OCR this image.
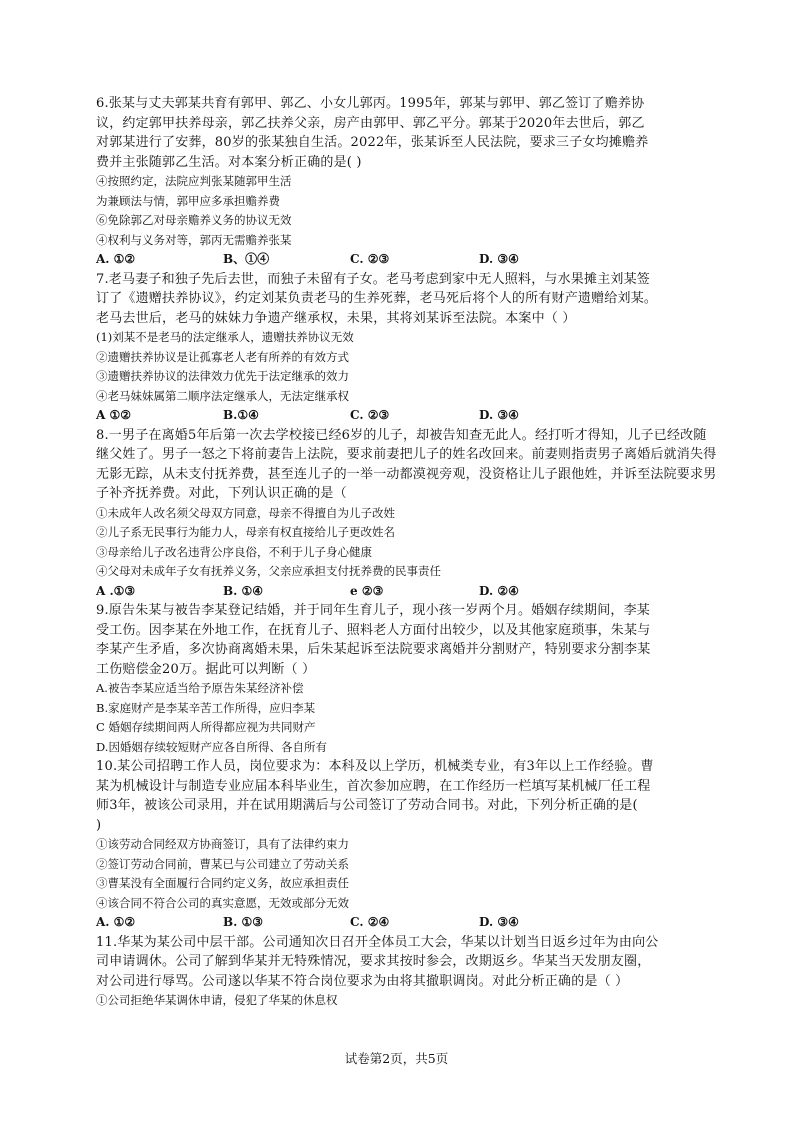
6.张某与丈夫郭某共育有郭甲、郭乙、小女儿郭丙。1995年，郭某与郭甲、郭乙签订了赡养协
议，约定郭甲扶养母亲，郭乙扶养父亲，房产由郭甲、郭乙平分。郭某于2020年去世后，郭乙
对郭某进行了安葬，80岁的张某独自生活。2022年，张某诉至人民法院，要求三子女均摊赡养
费并主张随郭乙生活。对本案分析正确的是( )
④按照约定，法院应判张某随郭甲生活
为兼顾法与情，郭甲应多承担赡养费
⑥免除郭乙对母亲赡养义务的协议无效
④权利与义务对等，郭丙无需赡养张某
A. ①②	B、①④	C. ②③	D. ③④
7.老马妻子和独子先后去世，而独子未留有子女。老马考虑到家中无人照料，与水果摊主刘某签
订了《遗赠扶养协议》，约定刘某负责老马的生养死葬，老马死后将个人的所有财产遗赠给刘某。
老马去世后，老马的妹妹力争遗产继承权，未果，其将刘某诉至法院。本案中（ ）
(1)刘某不是老马的法定继承人，遗赠扶养协议无效
②遗赠扶养协议是让孤寡老人老有所养的有效方式
③遗赠扶养协议的法律效力优先于法定继承的效力
④老马妹妹属第二顺序法定继承人，无法定继承权
A ①②	B.①④	C. ②③	D. ③④
8.一男子在离婚5年后第一次去学校接已经6岁的儿子，却被告知查无此人。经打听才得知，儿子已经改随
继父姓了。男子一怒之下将前妻告上法院，要求前妻把儿子的姓名改回来。前妻则指责男子离婚后就消失得
无影无踪，从未支付抚养费，甚至连儿子的一举一动都漠视旁观，没资格让儿子跟他姓，并诉至法院要求男
子补齐抚养费。对此，下列认识正确的是（
①未成年人改名须父母双方同意，母亲不得擅自为儿子改姓
②儿子系无民事行为能力人，母亲有权直接给儿子更改姓名
③母亲给儿子改名违背公序良俗，不利于儿子身心健康
④父母对未成年子女有抚养义务，父亲应承担支付抚养费的民事责任
A .①③	B. ①④	e ②③	D. ②④
9.原告朱某与被告李某登记结婚，并于同年生育儿子，现小孩一岁两个月。婚姻存续期间，李某
受工伤。因李某在外地工作，在抚育儿子、照料老人方面付出较少，以及其他家庭琐事，朱某与
李某产生矛盾，多次协商离婚未果，后朱某起诉至法院要求离婚并分割财产，特别要求分割李某
工伤赔偿金20万。据此可以判断（ ）
A.被告李某应适当给予原告朱某经济补偿
B.家庭财产是李某辛苦工作所得，应归李某
C 婚姻存续期间两人所得都应视为共同财产
D.因婚姻存续较短财产应各自所得、各自所有
10.某公司招聘工作人员，岗位要求为：本科及以上学历，机械类专业，有3年以上工作经验。曹
某为机械设计与制造专业应届本科毕业生，首次参加应聘，在工作经历一栏填写某机械厂任工程
师3年，被该公司录用，并在试用期满后与公司签订了劳动合同书。对此，下列分析正确的是(
)
①该劳动合同经双方协商签订，具有了法律约束力
②签订劳动合同前，曹某已与公司建立了劳动关系
③曹某没有全面履行合同约定义务，故应承担责任
④该合同不符合公司的真实意愿，无效或部分无效
A. ①②	B. ①③	C. ②④	D. ③④
11.华某为某公司中层干部。公司通知次日召开全体员工大会，华某以计划当日返乡过年为由向公
司申请调休。公司了解到华某并无特殊情况，要求其按时参会，改期返乡。华某当天发朋友圈，
对公司进行辱骂。公司遂以华某不符合岗位要求为由将其撤职调岗。对此分析正确的是（ ）
①公司拒绝华某调休申请，侵犯了华某的休息权
试卷第2页，共5页
